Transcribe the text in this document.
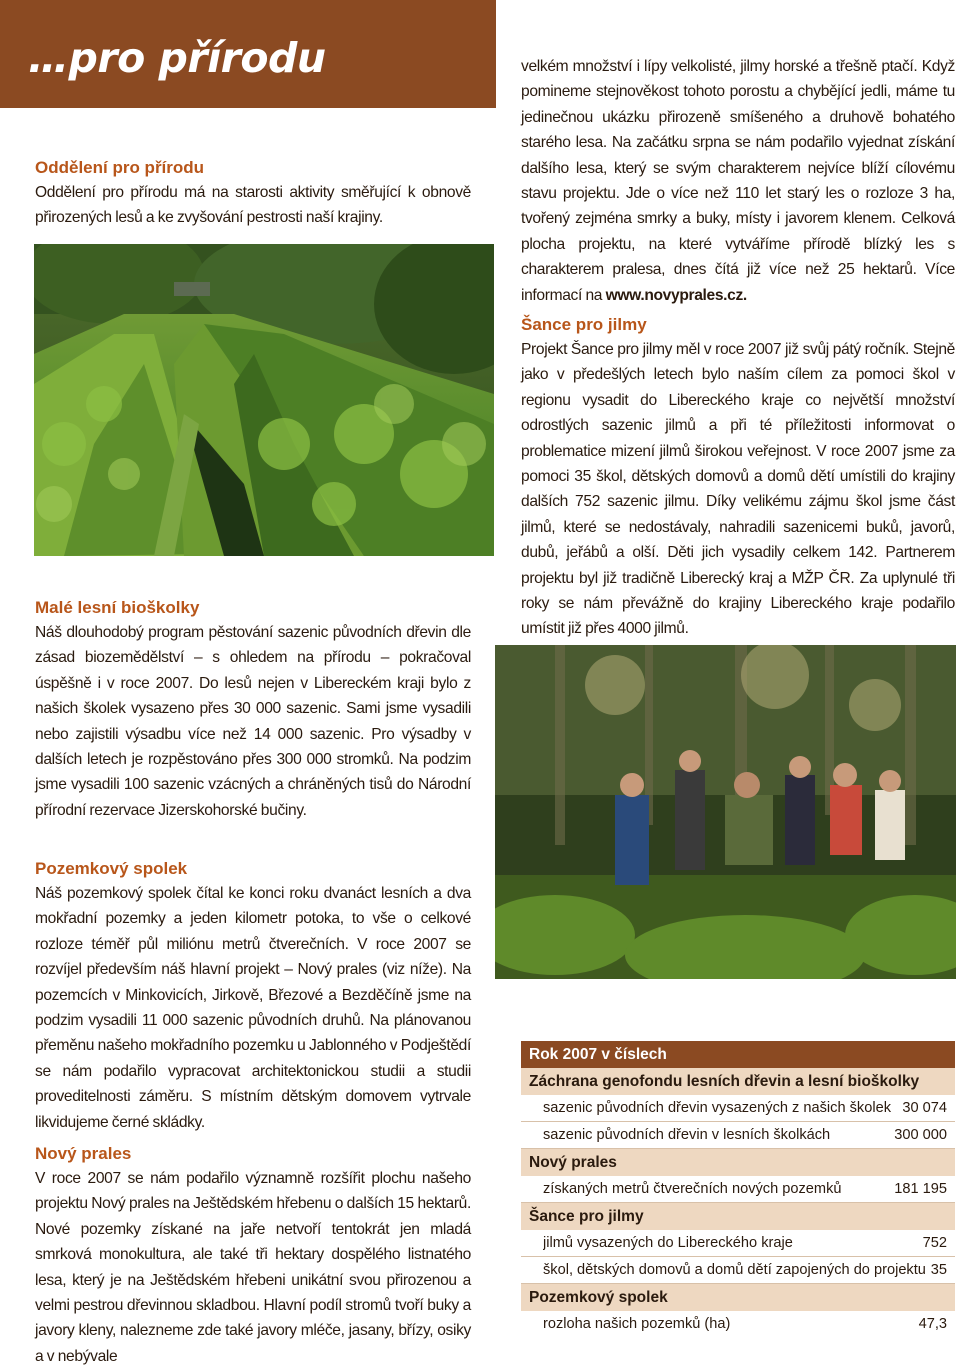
…pro přírodu
Oddělení pro přírodu

Oddělení pro přírodu má na starosti aktivity směřující k obnově přirozených lesů a ke zvyšování pestrosti naší krajiny.

Malé lesní bioškolky

Náš dlouhodobý program pěstování sazenic původních dřevin dle zásad biozemědělství – s ohledem na přírodu – pokračoval úspěšně i v roce 2007. Do lesů nejen v Libereckém kraji bylo z našich školek vysazeno přes 30 000 sazenic. Sami jsme vysadili nebo zajistili výsadbu více než 14 000 sazenic. Pro výsadby v dalších letech je rozpěstováno přes 300 000 stromků. Na podzim jsme vysadili 100 sazenic vzácných a chráněných tisů do Národní přírodní rezervace Jizerskohorské bučiny.

Pozemkový spolek

Náš pozemkový spolek čítal ke konci roku dvanáct lesních a dva mokřadní pozemky a jeden kilometr potoka, to vše o celkové rozloze téměř půl miliónu metrů čtverečních. V roce 2007 se rozvíjel především náš hlavní projekt – Nový prales (viz níže). Na pozemcích v Minkovicích, Jirkově, Březové a Bezděčíně jsme na podzim vysadili 11 000 sazenic původních druhů. Na plánovanou přeměnu našeho mokřadního pozemku u Jablonného v Podještědí se nám podařilo vypracovat architektonickou studii a studii proveditelnosti záměru. S místním dětským domovem vytrvale likvidujeme černé skládky.

Nový prales

V roce 2007 se nám podařilo významně rozšířit plochu našeho projektu Nový prales na Ještědském hřebenu o dalších 15 hektarů. Nové pozemky získané na jaře netvoří tentokrát jen mladá smrková monokultura, ale také tři hektary dospělého listnatého lesa, který je na Ještědském hřebeni unikátní svou přirozenou a velmi pestrou dřevinnou skladbou. Hlavní podíl stromů tvoří buky a javory kleny, nalezneme zde také javory mléče, jasany, břízy, osiky a v nebývale

velkém množství i lípy velkolisté, jilmy horské a třešně ptačí. Když pomineme stejnověkost tohoto porostu a chybějící jedli, máme tu jedinečnou ukázku přirozeně smíšeného a druhově bohatého starého lesa. Na začátku srpna se nám podařilo vyjednat získání dalšího lesa, který se svým charakterem nejvíce blíží cílovému stavu projektu. Jde o více než 110 let starý les o rozloze 3 ha, tvořený zejména smrky a buky, místy i javorem klenem. Celková plocha projektu, na které vytváříme přírodě blízký les s charakterem pralesa, dnes čítá již více než 25 hektarů. Více informací na www.novyprales.cz.

Šance pro jilmy

Projekt Šance pro jilmy měl v roce 2007 již svůj pátý ročník. Stejně jako v předešlých letech bylo naším cílem za pomoci škol v regionu vysadit do Libereckého kraje co největší množství odrostlých sazenic jilmů a při té příležitosti informovat o problematice mizení jilmů širokou veřejnost. V roce 2007 jsme za pomoci 35 škol, dětských domovů a domů dětí umístili do krajiny dalších 752 sazenic jilmu. Díky velikému zájmu škol jsme část jilmů, které se nedostávaly, nahradili sazenicemi buků, javorů, dubů, jeřábů a olší. Děti jich vysadily celkem 142. Partnerem projektu byl již tradičně Liberecký kraj a MŽP ČR. Za uplynulé tři roky se nám převážně do krajiny Libereckého kraje podařilo umístit již přes 4000 jilmů.

Rok 2007 v číslech
Záchrana genofondu lesních dřevin a lesní bioškolky
sazenic původních dřevin vysazených z našich školek 30 074
sazenic původních dřevin v lesních školkách	300 000
Nový prales
získaných metrů čtverečních nových pozemků	181 195
Šance pro jilmy
jilmů vysazených do Libereckého kraje	752
škol, dětských domovů a domů dětí zapojených do projektu 35
Pozemkový spolek
rozloha našich pozemků (ha)	47,3
